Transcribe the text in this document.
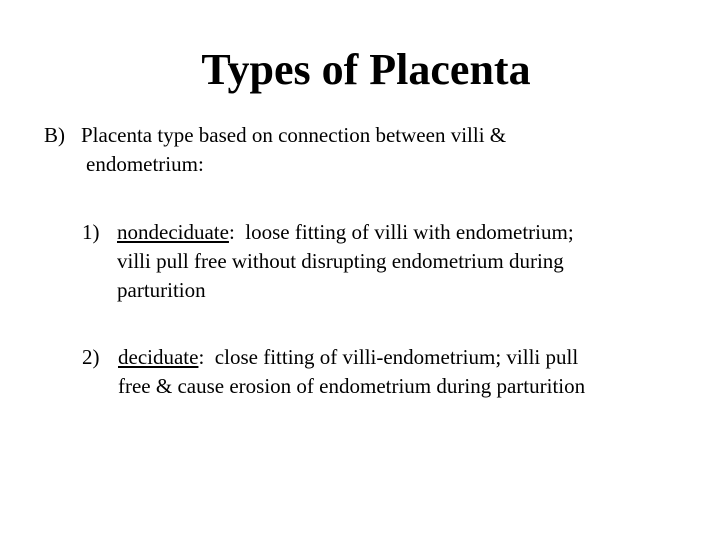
Types of Placenta
B) Placenta type based on connection between villi &
endometrium:
1) nondeciduate:  loose fitting of villi with endometrium;
villi pull free without disrupting endometrium during
parturition
2) deciduate:  close fitting of villi-endometrium; villi pull
free & cause erosion of endometrium during parturition
